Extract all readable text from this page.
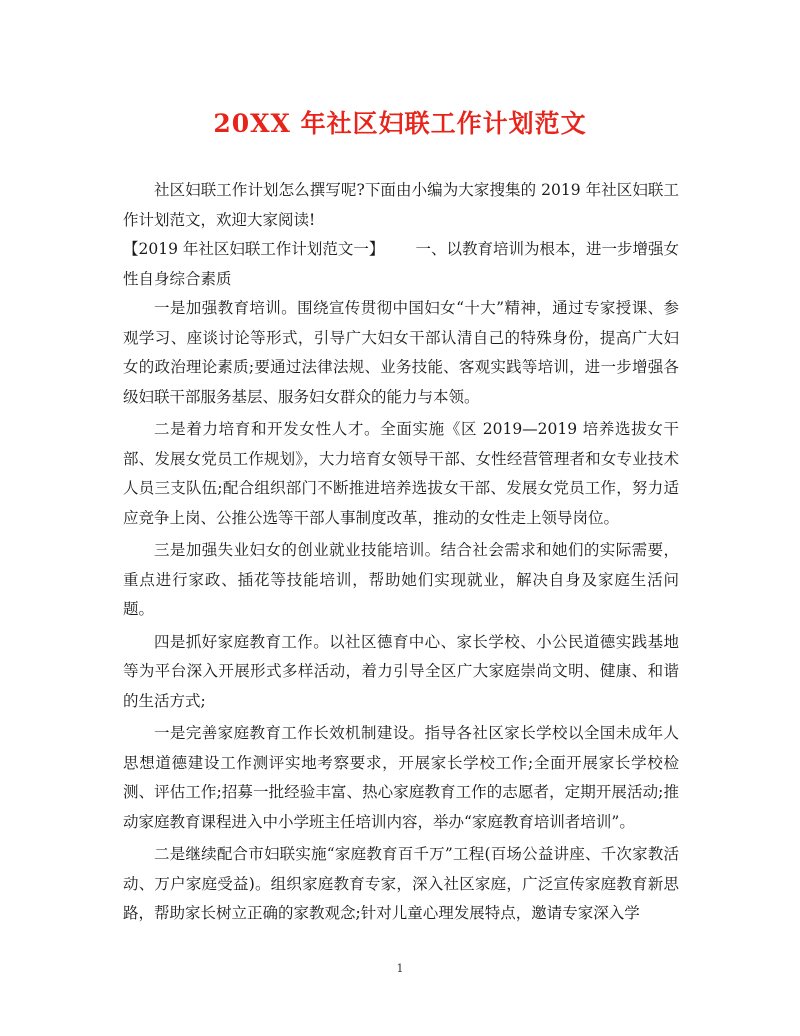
20XX 年社区妇联工作计划范文

社区妇联工作计划怎么撰写呢?下面由小编为大家搜集的 2019 年社区妇联工作计划范文，欢迎大家阅读!

【2019 年社区妇联工作计划范文一】 一、以教育培训为根本，进一步增强女

性自身综合素质

一是加强教育培训。围绕宣传贯彻中国妇女“十大”精神，通过专家授课、参观学习、座谈讨论等形式，引导广大妇女干部认清自己的特殊身份，提高广大妇女的政治理论素质;要通过法律法规、业务技能、客观实践等培训，进一步增强各级妇联干部服务基层、服务妇女群众的能力与本领。

二是着力培育和开发女性人才。全面实施《区 2019—2019 培养选拔女干部、发展女党员工作规划》，大力培育女领导干部、女性经营管理者和女专业技术人员三支队伍;配合组织部门不断推进培养选拔女干部、发展女党员工作，努力适应竞争上岗、公推公选等干部人事制度改革，推动的女性走上领导岗位。

三是加强失业妇女的创业就业技能培训。结合社会需求和她们的实际需要，重点进行家政、插花等技能培训，帮助她们实现就业，解决自身及家庭生活问题。

四是抓好家庭教育工作。以社区德育中心、家长学校、小公民道德实践基地等为平台深入开展形式多样活动，着力引导全区广大家庭崇尚文明、健康、和谐的生活方式;

一是完善家庭教育工作长效机制建设。指导各社区家长学校以全国未成年人思想道德建设工作测评实地考察要求，开展家长学校工作;全面开展家长学校检测、评估工作;招募一批经验丰富、热心家庭教育工作的志愿者，定期开展活动;推动家庭教育课程进入中小学班主任培训内容，举办“家庭教育培训者培训”。

二是继续配合市妇联实施“家庭教育百千万”工程(百场公益讲座、千次家教活动、万户家庭受益)。组织家庭教育专家，深入社区家庭，广泛宣传家庭教育新思路，帮助家长树立正确的家教观念;针对儿童心理发展特点，邀请专家深入学

1
